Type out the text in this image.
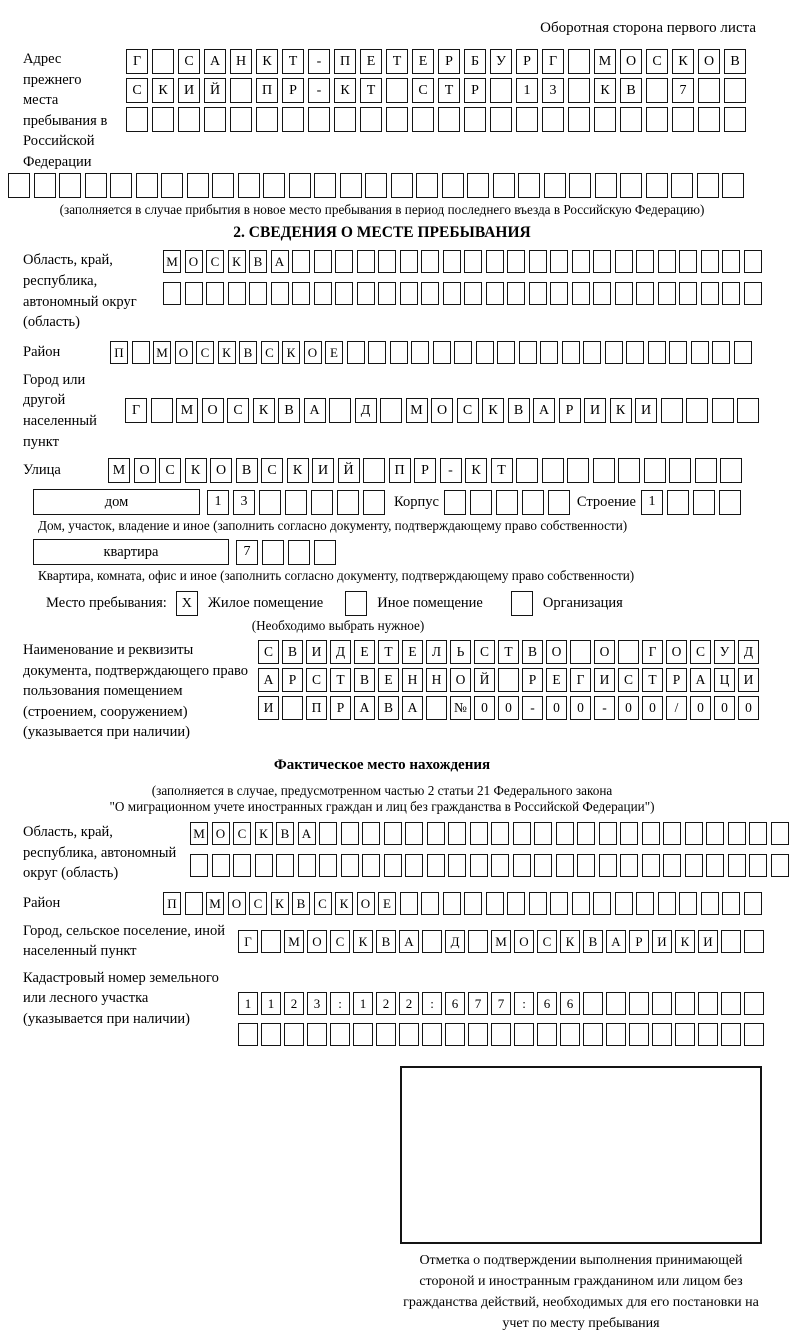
Оборотная сторона первого листа
Адрес прежнего места пребывания в Российской Федерации
Г	С	А	Н	К	Т	-	П	Е	Т	Е	Р	Б	У	Р	Г	М	О	С	К	О	В
С	К	И	Й	П	Р	-	К	Т	С	Т	Р	1	3	К	В	7
(заполняется в случае прибытия в новое место пребывания в период последнего въезда в Российскую Федерацию)
2. СВЕДЕНИЯ О МЕСТЕ ПРЕБЫВАНИЯ
Область, край, республика, автономный округ (область)
М О С К В А
Район	П	М О С К В С К О Е
Город или другой населенный пункт
Г	М	О	С	К	В	А	Д	М	О	С	К	В	А	Р	И	К	И
Улица	М	О	С	К	О	В	С	К	И	Й	П	Р	-	К	Т
дом	1	3	Корпус	Строение 1
Дом, участок, владение и иное (заполнить согласно документу, подтверждающему право собственности)
квартира	7
Квартира, комната, офис и иное (заполнить согласно документу, подтверждающему право собственности)
Место пребывания:	X	Жилое помещение	Иное помещение	Организация
(Необходимо выбрать нужное)
Наименование и реквизиты документа, подтверждающего право пользования помещением (строением, сооружением) (указывается при наличии)
С	В	И	Д	Е	Т	Е	Л	Ь	С	Т	В	О	О	Г	О	С	У	Д
А	Р	С	Т	В	Е	Н	Н	О	Й	Р	Е	Г	И	С	Т	Р	А	Ц	И
И	П	Р	А	В	А	№	0	0	-	0	0	-	0	0	/	0	0	0
Фактическое место нахождения
(заполняется в случае, предусмотренном частью 2 статьи 21 Федерального закона
"О миграционном учете иностранных граждан и лиц без гражданства в Российской Федерации")
Область, край, республика, автономный округ (область)
М О С К В А
Район	П	М О С К В С К О Е
Город, сельское поселение, иной населенный пункт
Г	М О	С	К	В	А	Д	М О	С	К	В	А	Р	И	К	И
Кадастровый номер земельного или лесного участка (указывается при наличии)
1	1	2	3	:	1	2	2	:	6	7	7	:	6	6
Отметка о подтверждении выполнения принимающей стороной и иностранным гражданином или лицом без гражданства действий, необходимых для его постановки на учет по месту пребывания
